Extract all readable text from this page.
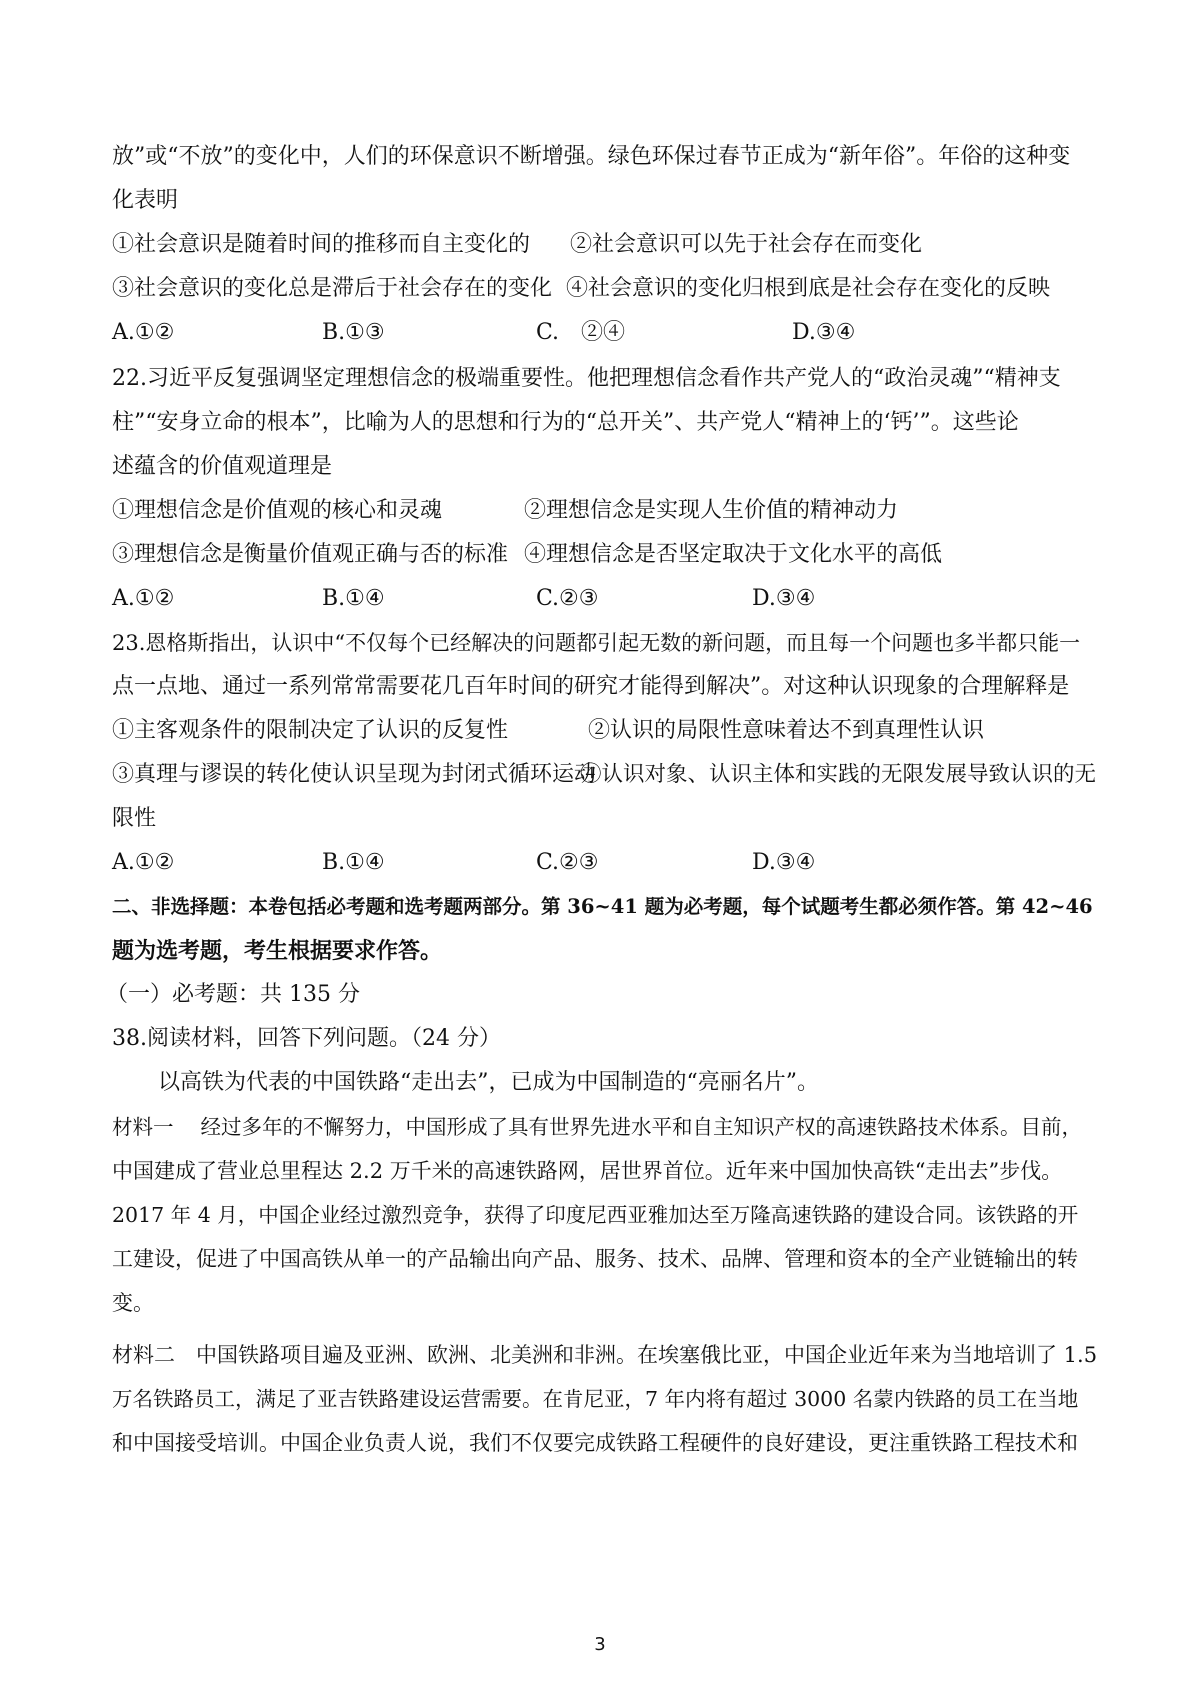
放”或“不放”的变化中，人们的环保意识不断增强。绿色环保过春节正成为“新年俗”。年俗的这种变
化表明
①社会意识是随着时间的推移而自主变化的 ②社会意识可以先于社会存在而变化
③社会意识的变化总是滞后于社会存在的变化 ④社会意识的变化归根到底是社会存在变化的反映
A.①②	B.①③	C.　②④	D.③④
22.习近平反复强调坚定理想信念的极端重要性。他把理想信念看作共产党人的“政治灵魂”“精神支
柱”“安身立命的根本”，比喻为人的思想和行为的“总开关”、共产党人“精神上的‘钙’”。这些论
述蕴含的价值观道理是
①理想信念是价值观的核心和灵魂	②理想信念是实现人生价值的精神动力
③理想信念是衡量价值观正确与否的标准 ④理想信念是否坚定取决于文化水平的高低
A.①②	B.①④	C.②③	D.③④
23.恩格斯指出，认识中“不仅每个已经解决的问题都引起无数的新问题，而且每一个问题也多半都只能一
点一点地、通过一系列常常需要花几百年时间的研究才能得到解决”。对这种认识现象的合理解释是
①主客观条件的限制决定了认识的反复性	②认识的局限性意味着达不到真理性认识
③真理与谬误的转化使认识呈现为封闭式循环运动
④认识对象、认识主体和实践的无限发展导致认识的无
限性
A.①②	B.①④	C.②③	D.③④
二、非选择题：本卷包括必考题和选考题两部分。第 36~41 题为必考题，每个试题考生都必须作答。第 42~46
题为选考题，考生根据要求作答。
（一）必考题：共 135 分
38.阅读材料，回答下列问题。（24 分）
以高铁为代表的中国铁路“走出去”，已成为中国制造的“亮丽名片”。
材料一　 经过多年的不懈努力，中国形成了具有世界先进水平和自主知识产权的高速铁路技术体系。目前，
中国建成了营业总里程达 2.2 万千米的高速铁路网，居世界首位。近年来中国加快高铁“走出去”步伐。
2017 年 4 月，中国企业经过激烈竞争，获得了印度尼西亚雅加达至万隆高速铁路的建设合同。该铁路的开
工建设，促进了中国高铁从单一的产品输出向产品、服务、技术、品牌、管理和资本的全产业链输出的转
变。
材料二　中国铁路项目遍及亚洲、欧洲、北美洲和非洲。在埃塞俄比亚，中国企业近年来为当地培训了 1.5
万名铁路员工，满足了亚吉铁路建设运营需要。在肯尼亚，7 年内将有超过 3000 名蒙内铁路的员工在当地
和中国接受培训。中国企业负责人说，我们不仅要完成铁路工程硬件的良好建设，更注重铁路工程技术和
3
